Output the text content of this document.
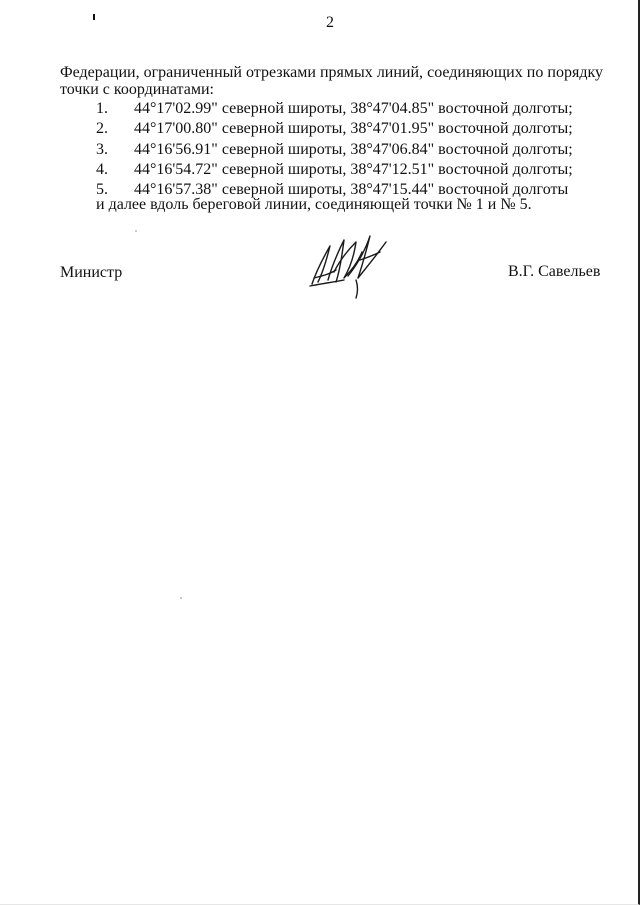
2
Федерации, ограниченный отрезками прямых линий, соединяющих по порядку
точки с координатами:
1. 44°17'02.99" северной широты, 38°47'04.85" восточной долготы;
2. 44°17'00.80" северной широты, 38°47'01.95" восточной долготы;
3. 44°16'56.91" северной широты, 38°47'06.84" восточной долготы;
4. 44°16'54.72" северной широты, 38°47'12.51" восточной долготы;
5. 44°16'57.38" северной широты, 38°47'15.44" восточной долготы
и далее вдоль береговой линии, соединяющей точки № 1 и № 5.
Министр	В.Г. Савельев
